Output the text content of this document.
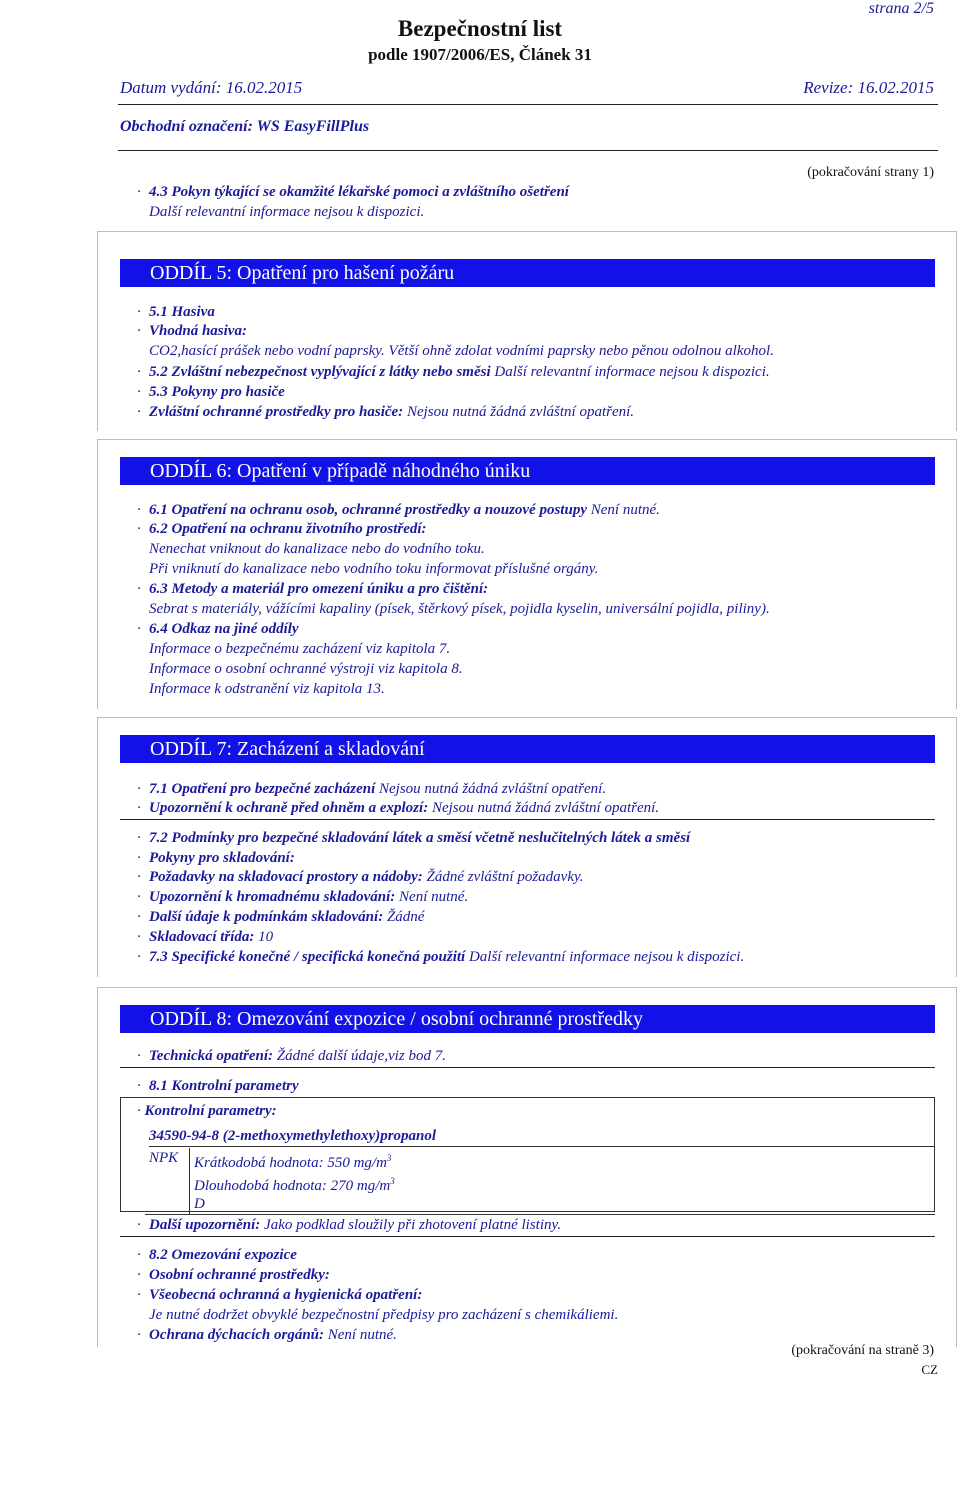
strana 2/5
Bezpečnostní list
podle 1907/2006/ES, Článek 31
Datum vydání: 16.02.2015	Revize: 16.02.2015
Obchodní označení: WS EasyFillPlus
(pokračování strany 1)
· 4.3 Pokyn týkající se okamžité lékařské pomoci a zvláštního ošetření
Další relevantní informace nejsou k dispozici.
ODDÍL 5: Opatření pro hašení požáru
· 5.1 Hasiva
· Vhodná hasiva:
CO2,hasící prášek nebo vodní paprsky. Větší ohně zdolat vodními paprsky nebo pěnou odolnou alkohol.
· 5.2 Zvláštní nebezpečnost vyplývající z látky nebo směsi Další relevantní informace nejsou k dispozici.
· 5.3 Pokyny pro hasiče
· Zvláštní ochranné prostředky pro hasiče: Nejsou nutná žádná zvláštní opatření.
ODDÍL 6: Opatření v případě náhodného úniku
· 6.1 Opatření na ochranu osob, ochranné prostředky a nouzové postupy Není nutné.
· 6.2 Opatření na ochranu životního prostředí:
Nenechat vniknout do kanalizace nebo do vodního toku.
Při vniknutí do kanalizace nebo vodního toku informovat příslušné orgány.
· 6.3 Metody a materiál pro omezení úniku a pro čištění:
Sebrat s materiály, vážícími kapaliny (písek, štěrkový písek, pojidla kyselin, universální pojidla, piliny).
· 6.4 Odkaz na jiné oddíly
Informace o bezpečnému zacházení viz kapitola 7.
Informace o osobní ochranné výstroji viz kapitola 8.
Informace k odstranění viz kapitola 13.
ODDÍL 7: Zacházení a skladování
· 7.1 Opatření pro bezpečné zacházení Nejsou nutná žádná zvláštní opatření.
· Upozornění k ochraně před ohněm a explozí: Nejsou nutná žádná zvláštní opatření.
· 7.2 Podmínky pro bezpečné skladování látek a směsí včetně neslučitelných látek a směsí
· Pokyny pro skladování:
· Požadavky na skladovací prostory a nádoby: Žádné zvláštní požadavky.
· Upozornění k hromadnému skladování: Není nutné.
· Další údaje k podmínkám skladování: Žádné
· Skladovací třída: 10
· 7.3 Specifické konečné / specifická konečná použití Další relevantní informace nejsou k dispozici.
ODDÍL 8: Omezování expozice / osobní ochranné prostředky
· Technická opatření: Žádné další údaje,viz bod 7.
· 8.1 Kontrolní parametry
· Kontrolní parametry:
34590-94-8 (2-methoxymethylethoxy)propanol
NPK	Krátkodobá hodnota: 550 $mg/m^3$
Dlouhodobá hodnota: 270 $mg/m^3$
D
· Další upozornění: Jako podklad sloužily při zhotovení platné listiny.
· 8.2 Omezování expozice
· Osobní ochranné prostředky:
· Všeobecná ochranná a hygienická opatření:
Je nutné dodržet obvyklé bezpečnostní předpisy pro zacházení s chemikáliemi.
· Ochrana dýchacích orgánů: Není nutné.
(pokračování na straně 3)
CZ
